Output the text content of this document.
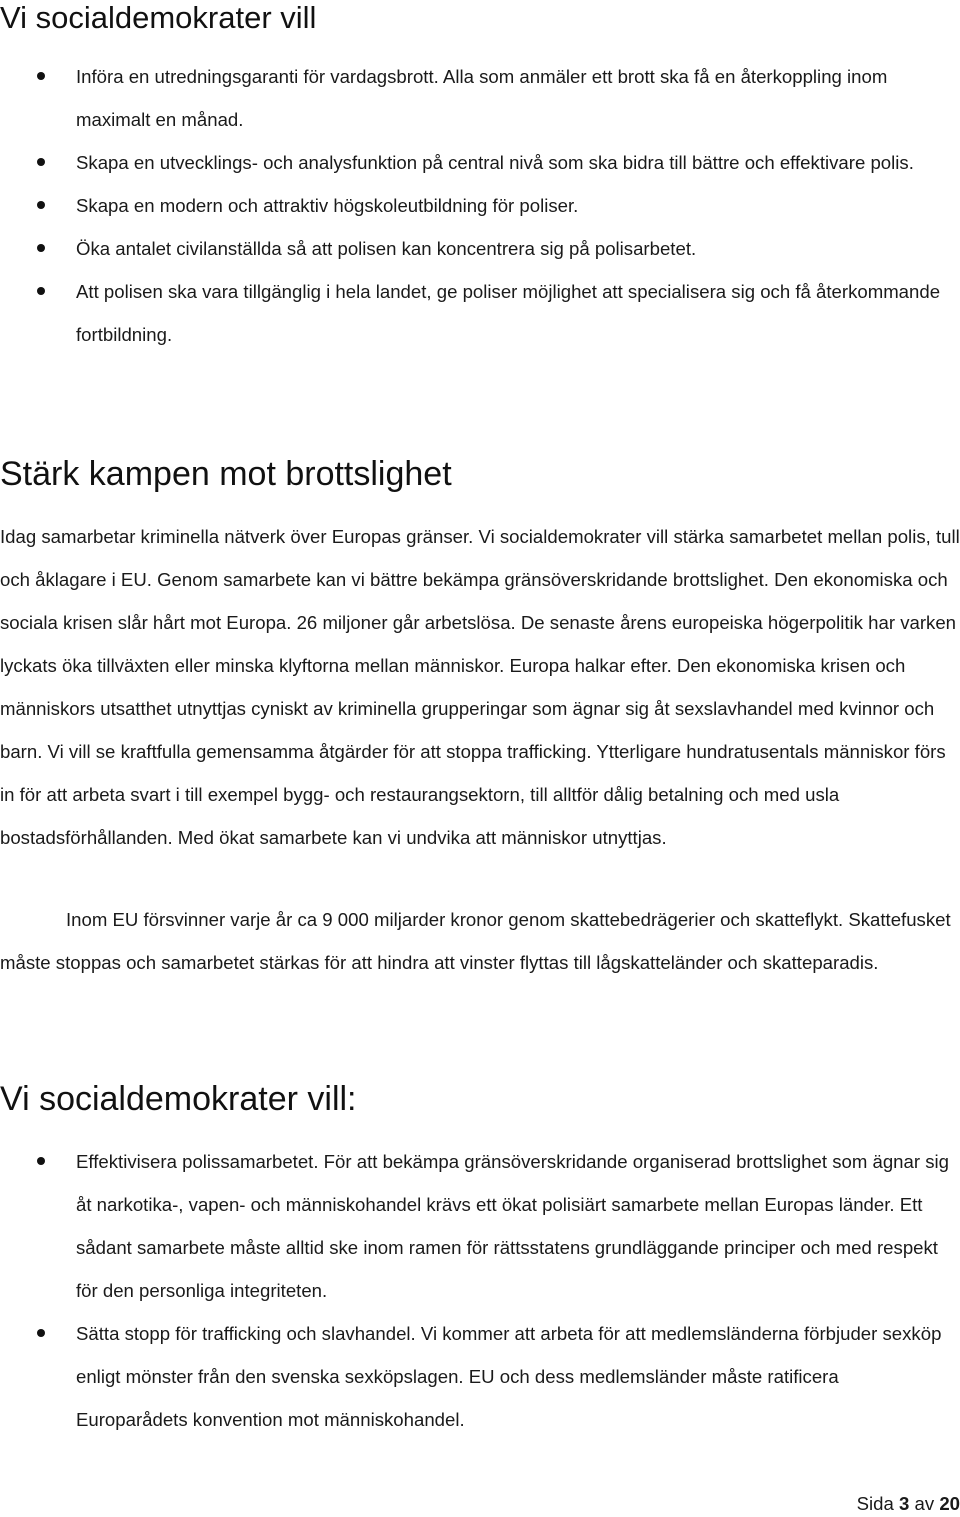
Vi socialdemokrater vill
Införa en utredningsgaranti för vardagsbrott. Alla som anmäler ett brott ska få en återkoppling inom maximalt en månad.
Skapa en utvecklings- och analysfunktion på central nivå som ska bidra till bättre och effektivare polis.
Skapa en modern och attraktiv högskoleutbildning för poliser.
Öka antalet civilanställda så att polisen kan koncentrera sig på polisarbetet.
Att polisen ska vara tillgänglig i hela landet, ge poliser möjlighet att specialisera sig och få återkommande fortbildning.
Stärk kampen mot brottslighet

Idag samarbetar kriminella nätverk över Europas gränser. Vi socialdemokrater vill stärka samarbetet mellan polis, tull och åklagare i EU. Genom samarbete kan vi bättre bekämpa gränsöverskridande brottslighet. Den ekonomiska och sociala krisen slår hårt mot Europa. 26 miljoner går arbetslösa. De senaste årens europeiska högerpolitik har varken lyckats öka tillväxten eller minska klyftorna mellan människor. Europa halkar efter. Den ekonomiska krisen och människors utsatthet utnyttjas cyniskt av kriminella grupperingar som ägnar sig åt sexslavhandel med kvinnor och barn. Vi vill se kraftfulla gemensamma åtgärder för att stoppa trafficking. Ytterligare hundratusentals människor förs in för att arbeta svart i till exempel bygg- och restaurangsektorn, till alltför dålig betalning och med usla bostadsförhållanden. Med ökat samarbete kan vi undvika att människor utnyttjas.

Inom EU försvinner varje år ca 9 000 miljarder kronor genom skattebedrägerier och skatteflykt. Skattefusket måste stoppas och samarbetet stärkas för att hindra att vinster flyttas till lågskatteländer och skatteparadis.

Vi socialdemokrater vill:
Effektivisera polissamarbetet. För att bekämpa gränsöverskridande organiserad brottslighet som ägnar sig åt narkotika-, vapen- och människohandel krävs ett ökat polisiärt samarbete mellan Europas länder. Ett sådant samarbete måste alltid ske inom ramen för rättsstatens grundläggande principer och med respekt för den personliga integriteten.
Sätta stopp för trafficking och slavhandel. Vi kommer att arbeta för att medlemsländerna förbjuder sexköp enligt mönster från den svenska sexköpslagen. EU och dess medlemsländer måste ratificera Europarådets konvention mot människohandel.
Sida 3 av 20
